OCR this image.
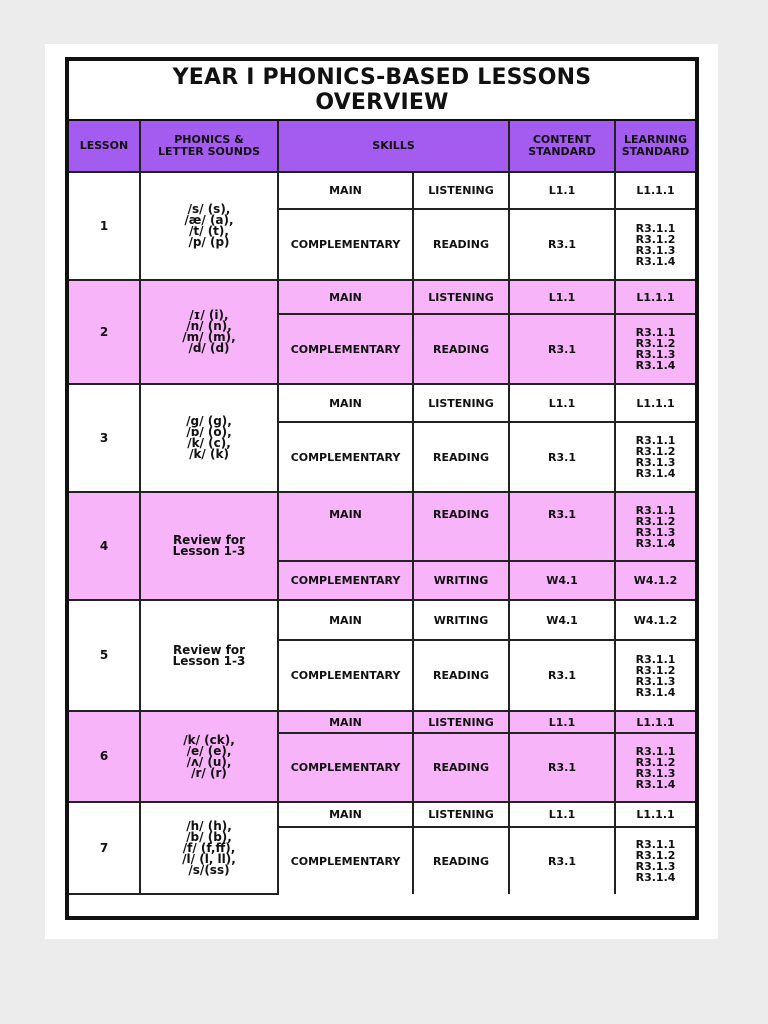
YEAR I PHONICS-BASED LESSONS
OVERVIEW
LESSON	PHONICS &
LETTER SOUNDS	SKILLS		CONTENT
STANDARD	LEARNING
STANDARD

1	/s/ (s),
/æ/ (a),
/t/ (t),
/p/ (p)	MAIN	LISTENING	L1.1	L1.1.1

		COMPLEMENTARY	READING	R3.1	R3.1.1
R3.1.2
R3.1.3
R3.1.4

2	/ɪ/ (i),
/n/ (n),
/m/ (m),
/d/ (d)	MAIN	LISTENING	L1.1	L1.1.1

		COMPLEMENTARY	READING	R3.1	R3.1.1
R3.1.2
R3.1.3
R3.1.4

3	/g/ (g),
/ɒ/ (o),
/k/ (c),
/k/ (k)	MAIN	LISTENING	L1.1	L1.1.1

		COMPLEMENTARY	READING	R3.1	R3.1.1
R3.1.2
R3.1.3
R3.1.4

4	Review for
Lesson 1-3	MAIN	READING	R3.1	R3.1.1
R3.1.2
R3.1.3
R3.1.4

		COMPLEMENTARY	WRITING	W4.1	W4.1.2

5	Review for
Lesson 1-3	MAIN	WRITING	W4.1	W4.1.2

		COMPLEMENTARY	READING	R3.1	R3.1.1
R3.1.2
R3.1.3
R3.1.4

6	/k/ (ck),
/e/ (e),
/ʌ/ (u),
/r/ (r)	MAIN	LISTENING	L1.1	L1.1.1

		COMPLEMENTARY	READING	R3.1	R3.1.1
R3.1.2
R3.1.3
R3.1.4

7	/h/ (h),
/b/ (b),
/f/ (f,ff),
/l/ (l, ll),
/s/(ss)	MAIN	LISTENING	L1.1	L1.1.1

		COMPLEMENTARY	READING	R3.1	R3.1.1
R3.1.2
R3.1.3
R3.1.4
